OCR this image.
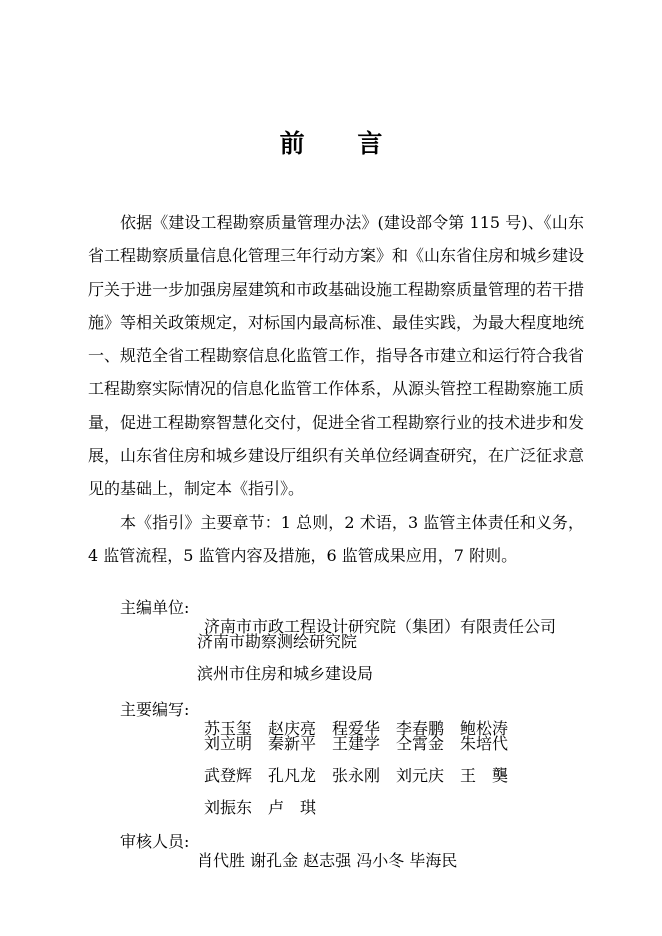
前 言

依据《建设工程勘察质量管理办法》(建设部令第 115 号)、《山东省工程勘察质量信息化管理三年行动方案》和《山东省住房和城乡建设厅关于进一步加强房屋建筑和市政基础设施工程勘察质量管理的若干措施》等相关政策规定，对标国内最高标准、最佳实践，为最大程度地统一、规范全省工程勘察信息化监管工作，指导各市建立和运行符合我省工程勘察实际情况的信息化监管工作体系，从源头管控工程勘察施工质量，促进工程勘察智慧化交付，促进全省工程勘察行业的技术进步和发展，山东省住房和城乡建设厅组织有关单位经调查研究，在广泛征求意见的基础上，制定本《指引》。

本《指引》主要章节：1 总则，2 术语，3 监管主体责任和义务，4 监管流程，5 监管内容及措施，6 监管成果应用，7 附则。

主编单位:

济南市市政工程设计研究院（集团）有限责任公司

济南市勘察测绘研究院

滨州市住房和城乡建设局

主要编写:

苏玉玺　赵庆亮　程爱华　李春鹏　鲍松涛

刘立明　秦新平　王建学　仝霄金　朱培代

武登辉　孔凡龙　张永刚　刘元庆　王　龑

刘振东　卢　琪

审核人员:

肖代胜 谢孔金 赵志强 冯小冬 毕海民
